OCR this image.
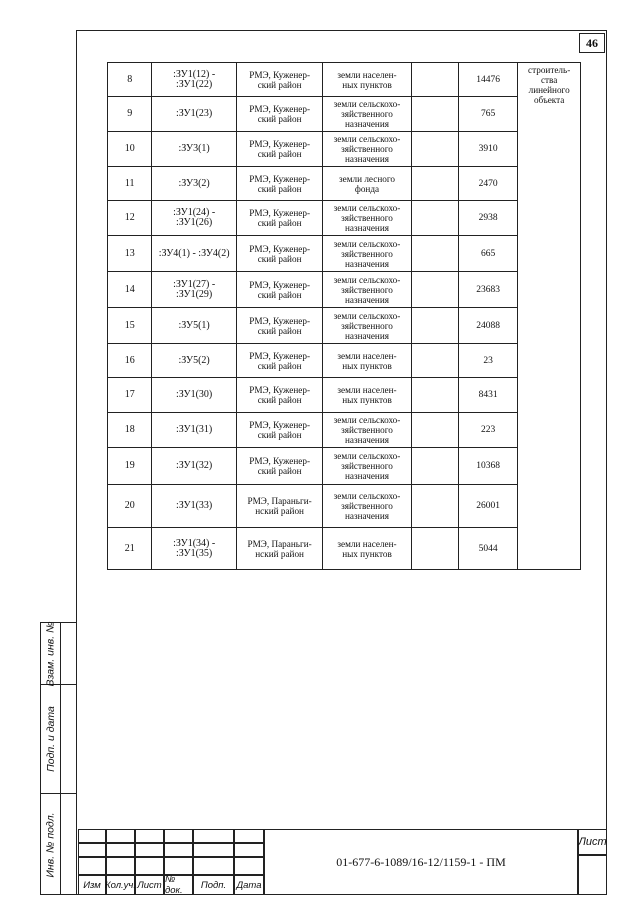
46
8	:ЗУ1(12) -
:ЗУ1(22)	РМЭ, Куженер-
ский район	земли населен-
ных пунктов		14476	строитель-
ства
линейного
объекта

9	:ЗУ1(23)	РМЭ, Куженер-
ский район	земли сельскохо-
зяйственного
назначения		765	
10	:ЗУ3(1)	РМЭ, Куженер-
ский район	земли сельскохо-
зяйственного
назначения		3910	
11	:ЗУ3(2)	РМЭ, Куженер-
ский район	земли лесного
фонда		2470	
12	:ЗУ1(24) -
:ЗУ1(26)	РМЭ, Куженер-
ский район	земли сельскохо-
зяйственного
назначения		2938	
13	:ЗУ4(1) - :ЗУ4(2)	РМЭ, Куженер-
ский район	земли сельскохо-
зяйственного
назначения		665	
14	:ЗУ1(27) -
:ЗУ1(29)	РМЭ, Куженер-
ский район	земли сельскохо-
зяйственного
назначения		23683	
15	:ЗУ5(1)	РМЭ, Куженер-
ский район	земли сельскохо-
зяйственного
назначения		24088	
16	:ЗУ5(2)	РМЭ, Куженер-
ский район	земли населен-
ных пунктов		23	
17	:ЗУ1(30)	РМЭ, Куженер-
ский район	земли населен-
ных пунктов		8431	
18	:ЗУ1(31)	РМЭ, Куженер-
ский район	земли сельскохо-
зяйственного
назначения		223	
19	:ЗУ1(32)	РМЭ, Куженер-
ский район	земли сельскохо-
зяйственного
назначения		10368	
20	:ЗУ1(33)	РМЭ, Параньги-
нский район	земли сельскохо-
зяйственного
назначения		26001	
21	:ЗУ1(34) -
:ЗУ1(35)	РМЭ, Параньги-
нский район	земли населен-
ных пунктов		5044	
Взам. инв. №
Подп. и дата
Инв. № подл.
Изм Кол.уч. Лист № док.	Подп.	Дата
01-677-6-1089/16-12/1159-1 - ПМ
Лист
